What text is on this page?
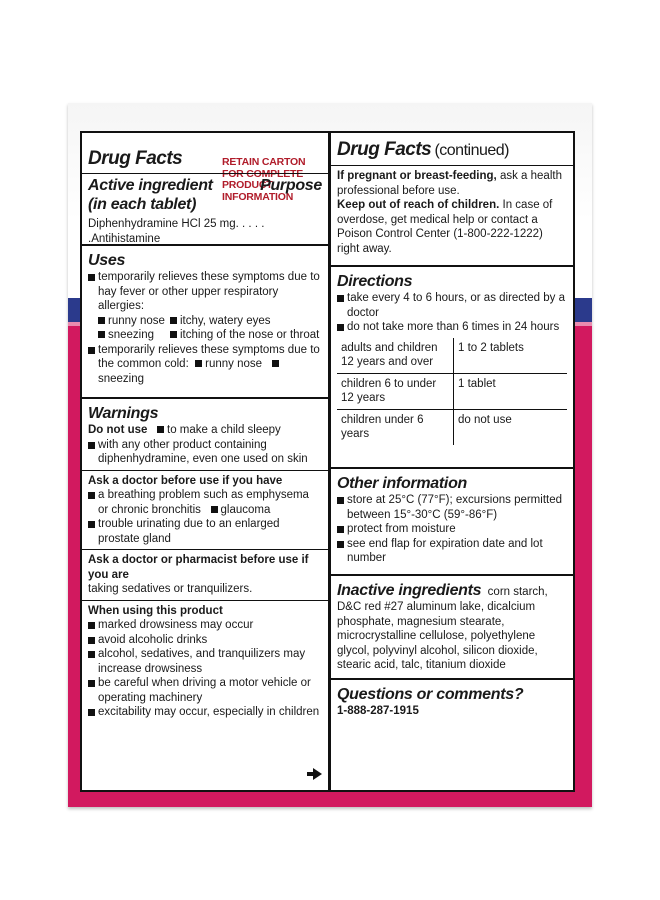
RETAIN CARTON
FOR COMPLETE
PRODUCT INFORMATION
Drug Facts
Active ingredient	Purpose
(in each tablet)
Diphenhydramine HCl 25 mg. . . . . .Antihistamine
Uses
temporarily relieves these symptoms due to hay fever or other upper respiratory allergies:
runny nose	itchy, watery eyes
sneezing	itching of the nose or throat
temporarily relieves these symptoms due to the common cold: runny nose   sneezing
Warnings
Do not use to make a child sleepy
with any other product containing diphenhydramine, even one used on skin
Ask a doctor before use if you have
a breathing problem such as emphysema or chronic bronchitis glaucoma
trouble urinating due to an enlarged prostate gland
Ask a doctor or pharmacist before use if you are
taking sedatives or tranquilizers.
When using this product
marked drowsiness may occur
avoid alcoholic drinks
alcohol, sedatives, and tranquilizers may increase drowsiness
be careful when driving a motor vehicle or operating machinery
excitability may occur, especially in children
Drug Facts (continued)
If pregnant or breast-feeding, ask a health professional before use.
Keep out of reach of children. In case of overdose, get medical help or contact a Poison Control Center (1-800-222-1222) right away.
Directions
take every 4 to 6 hours, or as directed by a doctor
do not take more than 6 times in 24 hours
adults and children 12 years and over	1 to 2 tablets
children 6 to under 12 years	1 tablet
children under 6 years	do not use
Other information
store at 25°C (77°F); excursions permitted between 15°-30°C (59°-86°F)
protect from moisture
see end flap for expiration date and lot number
Inactive ingredients corn starch, D&C red #27 aluminum lake, dicalcium phosphate, magnesium stearate, microcrystalline cellulose, polyethylene glycol, polyvinyl alcohol, silicon dioxide, stearic acid, talc, titanium dioxide
Questions or comments?
1-888-287-1915
